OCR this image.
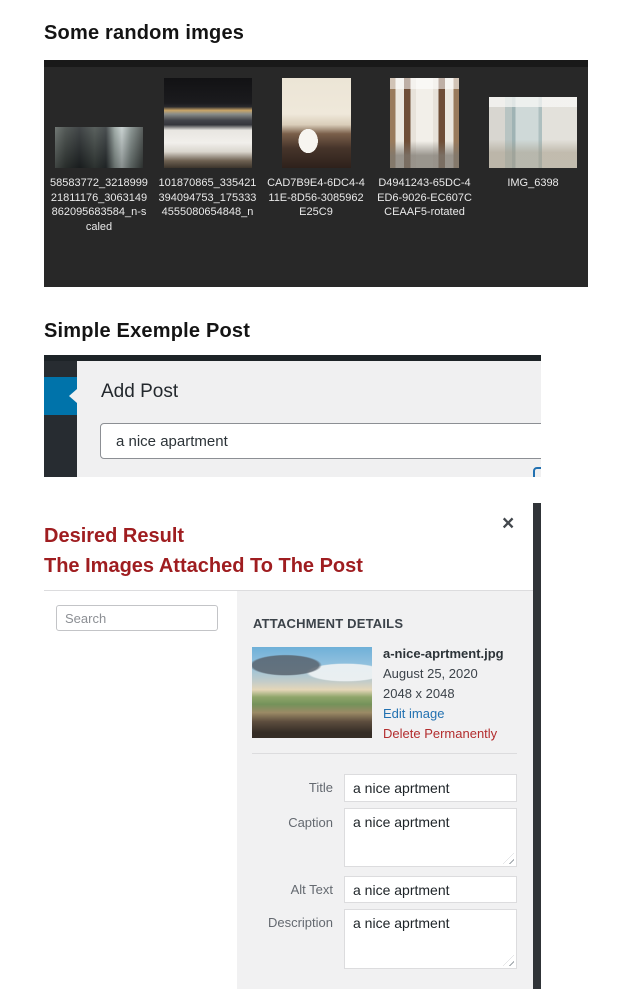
Some random imges
58583772_321899921811176_3063149862095683584_n-scaled
101870865_335421394094753_1753334555080654848_n
CAD7B9E4-6DC4-411E-8D56-3085962E25C9
D4941243-65DC-4ED6-9026-EC607CCEAAF5-rotated
IMG_6398
Simple Exemple Post
Add Post
a nice apartment
Desired Result
The Images Attached To The Post
×
Search
ATTACHMENT DETAILS
a-nice-aprtment.jpg
August 25, 2020
2048 x 2048
Edit image
Delete Permanently
Title a nice aprtment
Caption a nice aprtment
Alt Text a nice aprtment
Description a nice aprtment
